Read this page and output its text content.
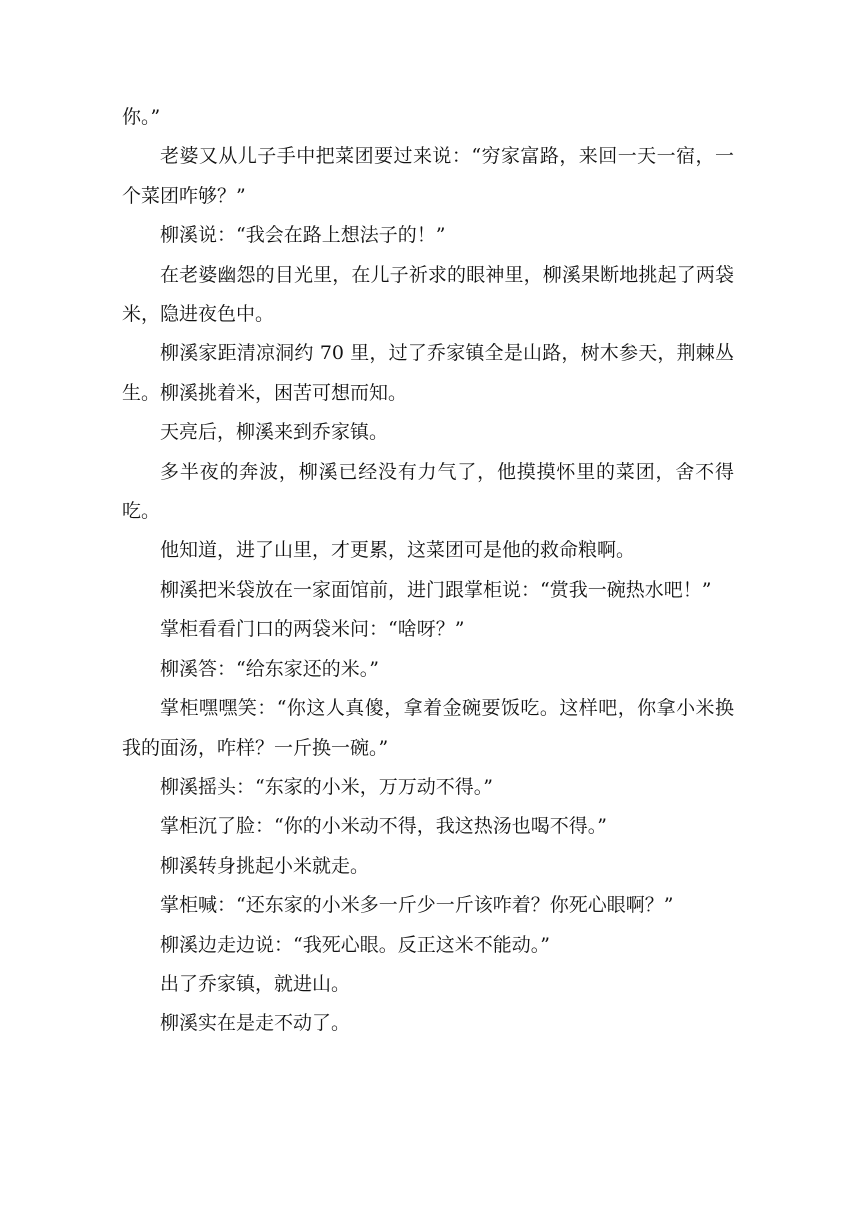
你。”

老婆又从儿子手中把菜团要过来说：“穷家富路，来回一天一宿，一个菜团咋够？”

柳溪说：“我会在路上想法子的！”

在老婆幽怨的目光里，在儿子祈求的眼神里，柳溪果断地挑起了两袋米，隐进夜色中。

柳溪家距清凉洞约 70 里，过了乔家镇全是山路，树木参天，荆棘丛生。柳溪挑着米，困苦可想而知。

天亮后，柳溪来到乔家镇。

多半夜的奔波，柳溪已经没有力气了，他摸摸怀里的菜团，舍不得吃。

他知道，进了山里，才更累，这菜团可是他的救命粮啊。

柳溪把米袋放在一家面馆前，进门跟掌柜说：“赏我一碗热水吧！”

掌柜看看门口的两袋米问：“啥呀？”

柳溪答：“给东家还的米。”

掌柜嘿嘿笑：“你这人真傻，拿着金碗要饭吃。这样吧，你拿小米换我的面汤，咋样？一斤换一碗。”

柳溪摇头：“东家的小米，万万动不得。”

掌柜沉了脸：“你的小米动不得，我这热汤也喝不得。”

柳溪转身挑起小米就走。

掌柜喊：“还东家的小米多一斤少一斤该咋着？你死心眼啊？”

柳溪边走边说：“我死心眼。反正这米不能动。”

出了乔家镇，就进山。

柳溪实在是走不动了。
